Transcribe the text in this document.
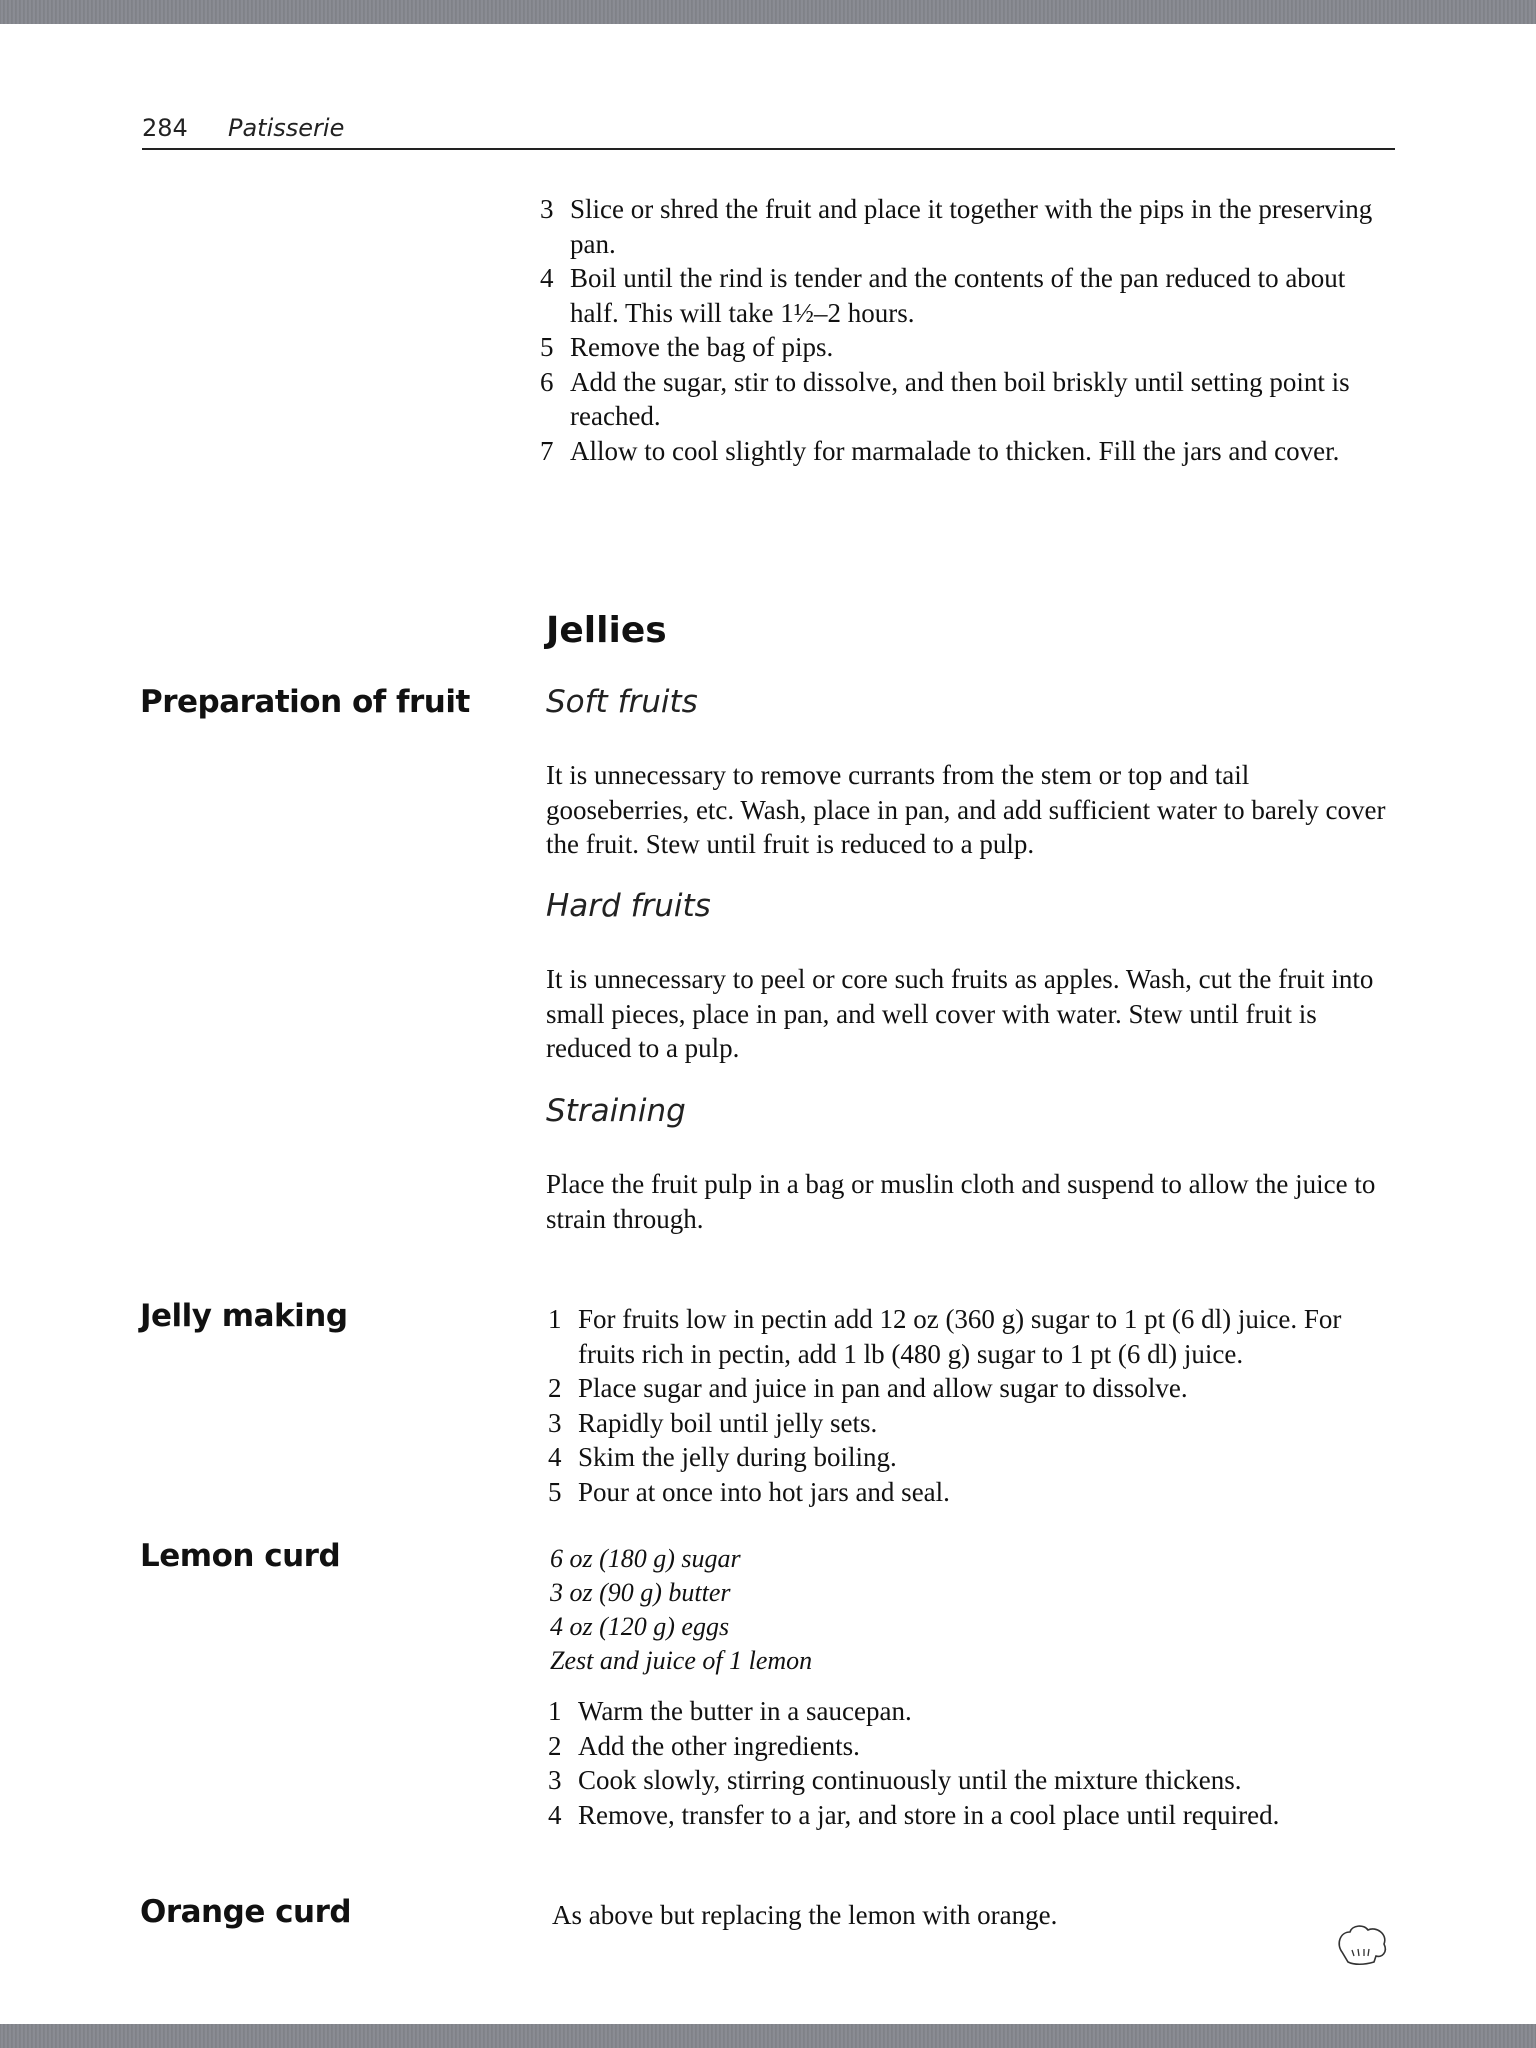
284 Patisserie
3 Slice or shred the fruit and place it together with the pips in the preserving pan.
4 Boil until the rind is tender and the contents of the pan reduced to about half. This will take 1½–2 hours.
5 Remove the bag of pips.
6 Add the sugar, stir to dissolve, and then boil briskly until setting point is reached.
7 Allow to cool slightly for marmalade to thicken. Fill the jars and cover.
Jellies
Preparation of fruit Soft fruits
It is unnecessary to remove currants from the stem or top and tail gooseberries, etc. Wash, place in pan, and add sufficient water to barely cover the fruit. Stew until fruit is reduced to a pulp.
Hard fruits
It is unnecessary to peel or core such fruits as apples. Wash, cut the fruit into small pieces, place in pan, and well cover with water. Stew until fruit is reduced to a pulp.
Straining
Place the fruit pulp in a bag or muslin cloth and suspend to allow the juice to strain through.
Jelly making	1 For fruits low in pectin add 12 oz (360 g) sugar to 1 pt (6 dl) juice. For fruits rich in pectin, add 1 lb (480 g) sugar to 1 pt (6 dl) juice.
2 Place sugar and juice in pan and allow sugar to dissolve.
3 Rapidly boil until jelly sets.
4 Skim the jelly during boiling.
5 Pour at once into hot jars and seal.
Lemon curd	6 oz (180 g) sugar
3 oz (90 g) butter
4 oz (120 g) eggs
Zest and juice of 1 lemon
1 Warm the butter in a saucepan.
2 Add the other ingredients.
3 Cook slowly, stirring continuously until the mixture thickens.
4 Remove, transfer to a jar, and store in a cool place until required.
Orange curd	As above but replacing the lemon with orange.
